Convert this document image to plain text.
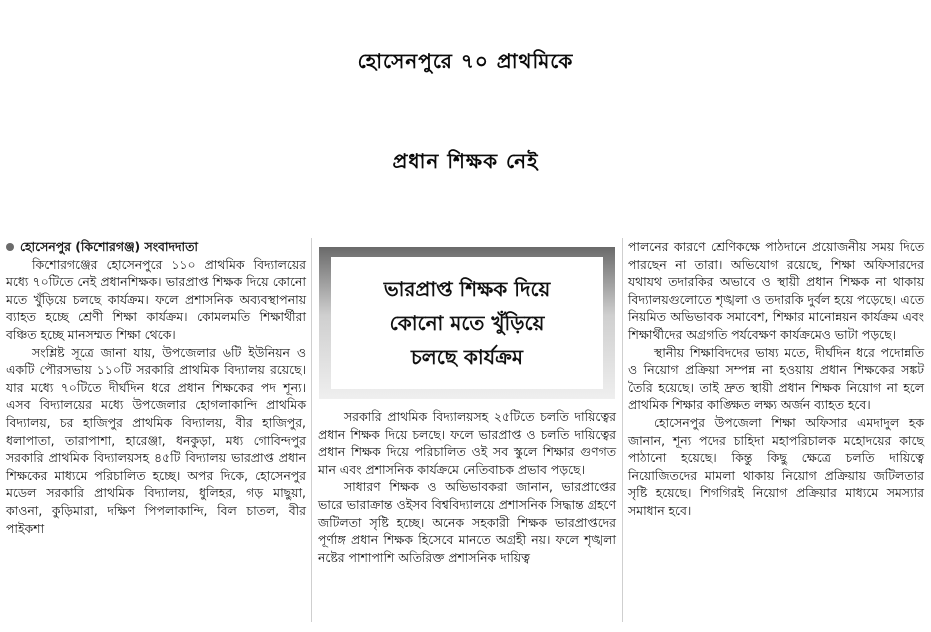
হোসেনপুরে ৭০ প্রাথমিকে
প্রধান শিক্ষক নেই

হোসেনপুর (কিশোরগঞ্জ) সংবাদদাতা

কিশোরগঞ্জের হোসেনপুরে ১১০ প্রাথমিক বিদ্যালয়ের মধ্যে ৭০টিতে নেই প্রধানশিক্ষক। ভারপ্রাপ্ত শিক্ষক দিয়ে কোনো মতে খুঁড়িয়ে চলছে কার্যক্রম। ফলে প্রশাসনিক অব্যবস্থাপনায় ব্যাহত হচ্ছে শ্রেণী শিক্ষা কার্যক্রম। কোমলমতি শিক্ষার্থীরা বঞ্চিত হচ্ছে মানসম্মত শিক্ষা থেকে।

সংশ্লিষ্ট সূত্রে জানা যায়, উপজেলার ৬টি ইউনিয়ন ও একটি পৌরসভায় ১১০টি সরকারি প্রাথমিক বিদ্যালয় রয়েছে। যার মধ্যে ৭০টিতে দীর্ঘদিন ধরে প্রধান শিক্ষকের পদ শূন্য। এসব বিদ্যালয়ের মধ্যে উপজেলার হোগলাকান্দি প্রাথমিক বিদ্যালয়, চর হাজিপুর প্রাথমিক বিদ্যালয়, বীর হাজিপুর, ধলাপাতা, তারাপাশা, হারেঞ্জা, ধনকুড়া, মধ্য গোবিন্দপুর সরকারি প্রাথমিক বিদ্যালয়সহ ৪৫টি বিদ্যালয় ভারপ্রাপ্ত প্রধান শিক্ষকের মাধ্যমে পরিচালিত হচ্ছে। অপর দিকে, হোসেনপুর মডেল সরকারি প্রাথমিক বিদ্যালয়, ধুলিহর, গড় মাছুয়া, কাওনা, কুড়িমারা, দক্ষিণ পিপলাকান্দি, বিল চাতল, বীর পাইকশা

ভারপ্রাপ্ত শিক্ষক দিয়ে
কোনো মতে খুঁড়িয়ে
চলছে কার্যক্রম

সরকারি প্রাথমিক বিদ্যালয়সহ ২৫টিতে চলতি দায়িত্বের প্রধান শিক্ষক দিয়ে চলছে। ফলে ভারপ্রাপ্ত ও চলতি দায়িত্বের প্রধান শিক্ষক দিয়ে পরিচালিত ওই সব স্কুলে শিক্ষার গুণগত মান এবং প্রশাসনিক কার্যক্রমে নেতিবাচক প্রভাব পড়ছে।

সাধারণ শিক্ষক ও অভিভাবকরা জানান, ভারপ্রাপ্তের ভারে ভারাক্রান্ত ওইসব বিশ্ববিদ্যালয়ে প্রশাসনিক সিদ্ধান্ত গ্রহণে জটিলতা সৃষ্টি হচ্ছে। অনেক সহকারী শিক্ষক ভারপ্রাপ্তদের পূর্ণাঙ্গ প্রধান শিক্ষক হিসেবে মানতে অগ্রহী নয়। ফলে শৃঙ্খলা নষ্টের পাশাপাশি অতিরিক্ত প্রশাসনিক দায়িত্ব

পালনের কারণে শ্রেণিকক্ষে পাঠদানে প্রয়োজনীয় সময় দিতে পারছেন না তারা। অভিযোগ রয়েছে, শিক্ষা অফিসারদের যথাযথ তদারকির অভাবে ও স্থায়ী প্রধান শিক্ষক না থাকায় বিদ্যালয়গুলোতে শৃঙ্খলা ও তদারকি দুর্বল হয়ে পড়েছে। এতে নিয়মিত অভিভাবক সমাবেশ, শিক্ষার মানোন্নয়ন কার্যক্রম এবং শিক্ষার্থীদের অগ্রগতি পর্যবেক্ষণ কার্যক্রমেও ভাটা পড়ছে।

স্থানীয় শিক্ষাবিদদের ভাষ্য মতে, দীর্ঘদিন ধরে পদোন্নতি ও নিয়োগ প্রক্রিয়া সম্পন্ন না হওয়ায় প্রধান শিক্ষকের সঙ্কট তৈরি হয়েছে। তাই দ্রুত স্থায়ী প্রধান শিক্ষক নিয়োগ না হলে প্রাথমিক শিক্ষার কাঙ্ক্ষিত লক্ষ্য অর্জন ব্যাহত হবে।

হোসেনপুর উপজেলা শিক্ষা অফিসার এমদাদুল হক জানান, শূন্য পদের চাহিদা মহাপরিচালক মহোদয়ের কাছে পাঠানো হয়েছে। কিন্তু কিছু ক্ষেত্রে চলতি দায়িত্বে নিয়োজিতদের মামলা থাকায় নিয়োগ প্রক্রিয়ায় জটিলতার সৃষ্টি হয়েছে। শিগগিরই নিয়োগ প্রক্রিয়ার মাধ্যমে সমস্যার সমাধান হবে।
